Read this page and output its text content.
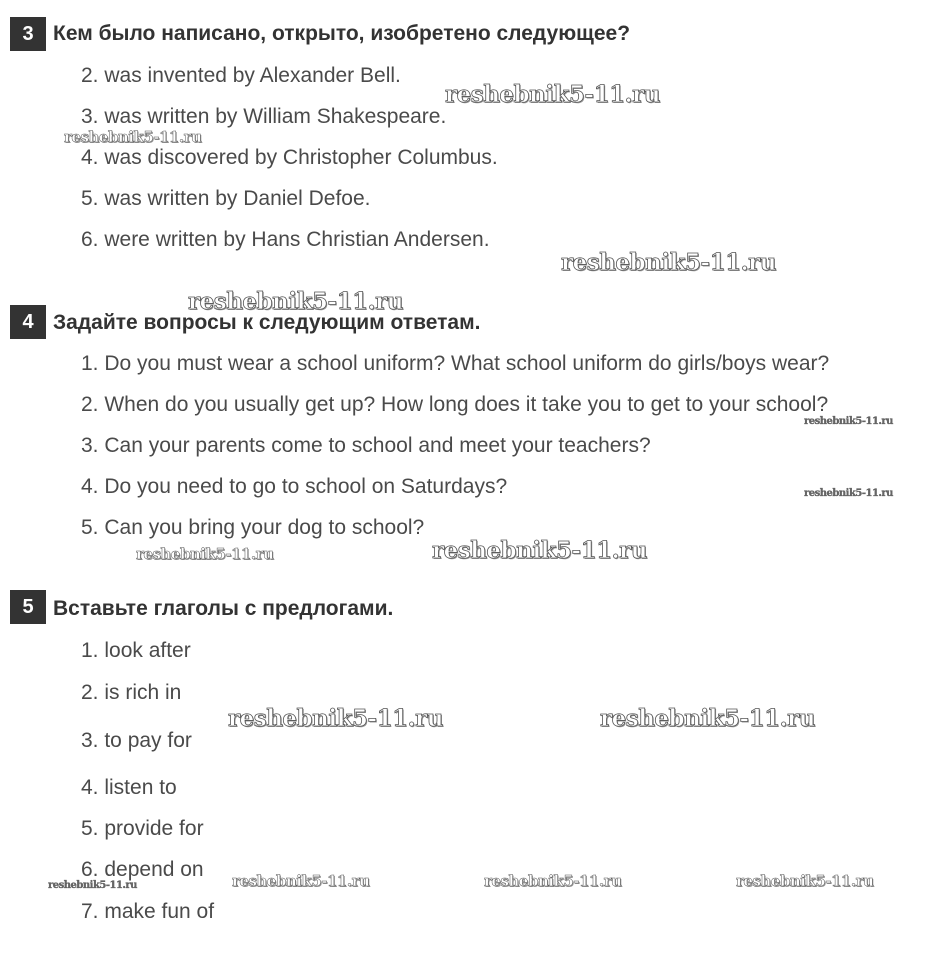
3 Кем было написано, открыто, изобретено следующее?

2. was invented by Alexander Bell.

3. was written by William Shakespeare.

4. was discovered by Christopher Columbus.

5. was written by Daniel Defoe.

6. were written by Hans Christian Andersen.

4 Задайте вопросы к следующим ответам.

1. Do you must wear a school uniform? What school uniform do girls/boys wear?

2. When do you usually get up? How long does it take you to get to your school?

3. Can your parents come to school and meet your teachers?

4. Do you need to go to school on Saturdays?

5. Can you bring your dog to school?

5 Вставьте глаголы с предлогами.

1. look after

2. is rich in

3. to pay for

4. listen to

5. provide for

6. depend on

7. make fun of

reshebnik5-11.ru
reshebnik5-11.ru
reshebnik5-11.ru
reshebnik5-11.ru
reshebnik5-11.ru
reshebnik5-11.ru
reshebnik5-11.ru	reshebnik5-11.ru
reshebnik5-11.ru	reshebnik5-11.ru
reshebnik5-11.ru	reshebnik5-11.ru	reshebnik5-11.ru	reshebnik5-11.ru
